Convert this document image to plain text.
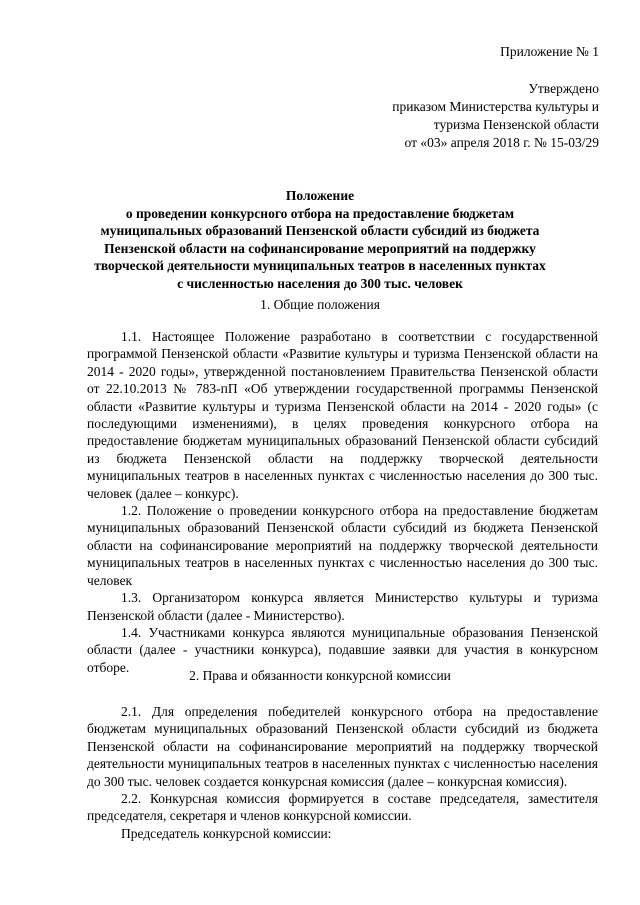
Приложение № 1
Утверждено
приказом Министерства культуры и
туризма Пензенской области
от «03» апреля 2018 г. № 15-03/29
Положение
о проведении конкурсного отбора на предоставление бюджетам
муниципальных образований Пензенской области субсидий из бюджета
Пензенской области на софинансирование мероприятий на поддержку
творческой деятельности муниципальных театров в населенных пунктах
с численностью населения до 300 тыс. человек
1. Общие положения

1.1. Настоящее Положение разработано в соответствии с государственной программой Пензенской области «Развитие культуры и туризма Пензенской области на 2014 - 2020 годы», утвержденной постановлением Правительства Пензенской области от 22.10.2013 № 783-пП «Об утверждении государственной программы Пензенской области «Развитие культуры и туризма Пензенской области на 2014 - 2020 годы» (с последующими изменениями), в целях проведения конкурсного отбора на предоставление бюджетам муниципальных образований Пензенской области субсидий из бюджета Пензенской области на поддержку творческой деятельности муниципальных театров в населенных пунктах с численностью населения до 300 тыс. человек (далее – конкурс).

1.2. Положение о проведении конкурсного отбора на предоставление бюджетам муниципальных образований Пензенской области субсидий из бюджета Пензенской области на софинансирование мероприятий на поддержку творческой деятельности муниципальных театров в населенных пунктах с численностью населения до 300 тыс. человек

1.3. Организатором конкурса является Министерство культуры и туризма Пензенской области (далее - Министерство).

1.4. Участниками конкурса являются муниципальные образования Пензенской области (далее - участники конкурса), подавшие заявки для участия в конкурсном отборе.

2. Права и обязанности конкурсной комиссии

2.1. Для определения победителей конкурсного отбора на предоставление бюджетам муниципальных образований Пензенской области субсидий из бюджета Пензенской области на софинансирование мероприятий на поддержку творческой деятельности муниципальных театров в населенных пунктах с численностью населения до 300 тыс. человек создается конкурсная комиссия (далее – конкурсная комиссия).

2.2. Конкурсная комиссия формируется в составе председателя, заместителя председателя, секретаря и членов конкурсной комиссии.

Председатель конкурсной комиссии:
